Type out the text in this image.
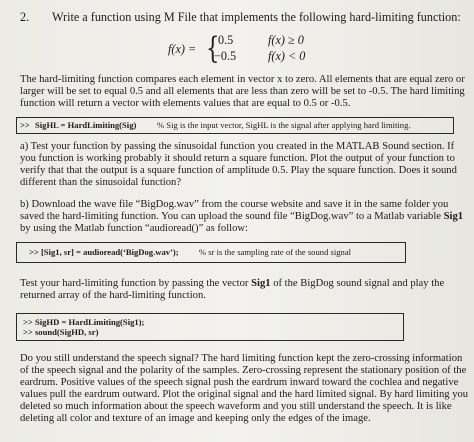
2. Write a function using M File that implements the following hard-limiting function:
f(x) = {
0.5	f(x) ≥ 0
−0.5	f(x) < 0
The hard-limiting function compares each element in vector x to zero. All elements that are equal zero or
larger will be set to equal 0.5 and all elements that are less than zero will be set to -0.5. The hard limiting
function will return a vector with elements values that are equal to 0.5 or -0.5.
>> SigHL = HardLimiting(Sig) % Sig is the input vector, SigHL is the signal after applying hard limiting.
a) Test your function by passing the sinusoidal function you created in the MATLAB Sound section. If
you function is working probably it should return a square function. Plot the output of your function to
verify that that the output is a square function of amplitude 0.5. Play the square function. Does it sound
different than the sinusoidal function?
b) Download the wave file “BigDog.wav” from the course website and save it in the same folder you
saved the hard-limiting function. You can upload the sound file “BigDog.wav” to a Matlab variable Sig1
by using the Matlab function “audioread()” as follow:
>> [Sig1, sr] = audioread(‘BigDog.wav’); % sr is the sampling rate of the sound signal
Test your hard-limiting function by passing the vector Sig1 of the BigDog sound signal and play the
returned array of the hard-limiting function.
>> SigHD = HardLimiting(Sig1);
>> sound(SigHD, sr)
Do you still understand the speech signal? The hard limiting function kept the zero-crossing information
of the speech signal and the polarity of the samples. Zero-crossing represent the stationary position of the
eardrum. Positive values of the speech signal push the eardrum inward toward the cochlea and negative
values pull the eardrum outward. Plot the original signal and the hard limited signal. By hard limiting you
deleted so much information about the speech waveform and you still understand the speech. It is like
deleting all color and texture of an image and keeping only the edges of the image.
